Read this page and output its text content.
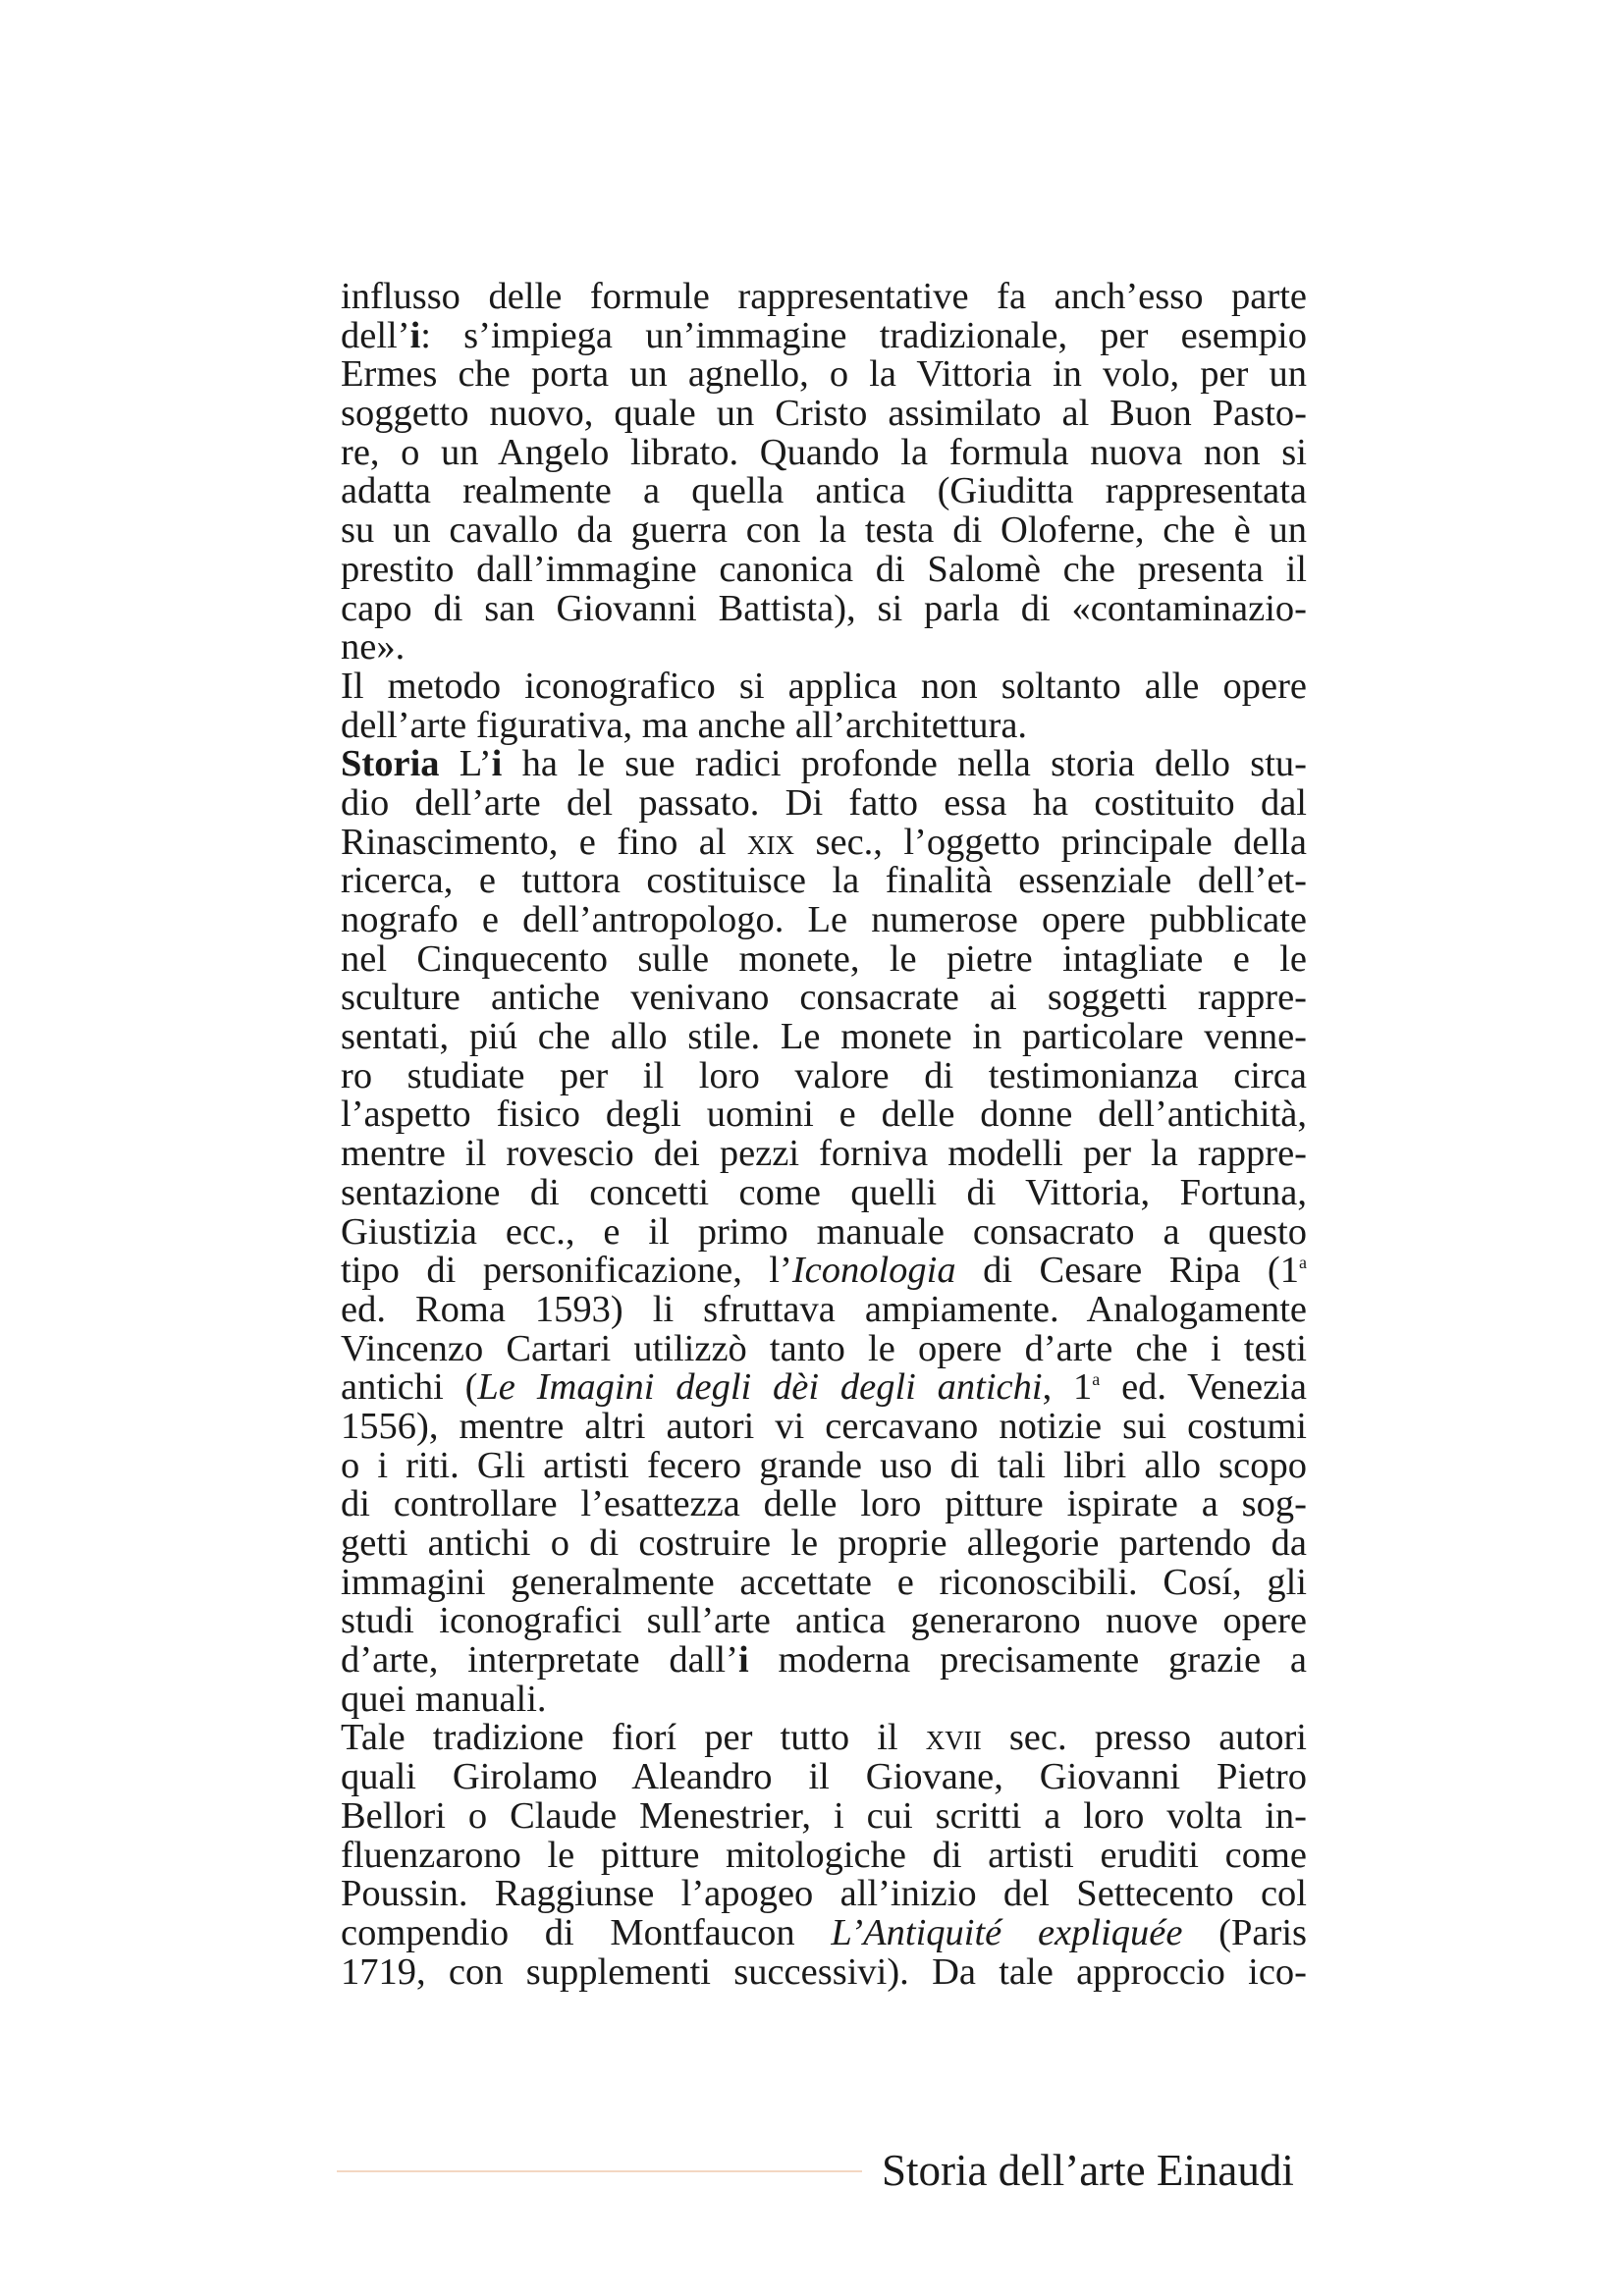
influsso delle formule rappresentative fa anch’esso parte
dell’i: s’impiega un’immagine tradizionale, per esempio
Ermes che porta un agnello, o la Vittoria in volo, per un
soggetto nuovo, quale un Cristo assimilato al Buon Pasto-
re, o un Angelo librato. Quando la formula nuova non si
adatta realmente a quella antica (Giuditta rappresentata
su un cavallo da guerra con la testa di Oloferne, che è un
prestito dall’immagine canonica di Salomè che presenta il
capo di san Giovanni Battista), si parla di «contaminazio-
ne».
Il metodo iconografico si applica non soltanto alle opere
dell’arte figurativa, ma anche all’architettura.
Storia L’i ha le sue radici profonde nella storia dello stu-
dio dell’arte del passato. Di fatto essa ha costituito dal
Rinascimento, e fino al xix sec., l’oggetto principale della
ricerca, e tuttora costituisce la finalità essenziale dell’et-
nografo e dell’antropologo. Le numerose opere pubblicate
nel Cinquecento sulle monete, le pietre intagliate e le
sculture antiche venivano consacrate ai soggetti rappre-
sentati, piú che allo stile. Le monete in particolare venne-
ro studiate per il loro valore di testimonianza circa
l’aspetto fisico degli uomini e delle donne dell’antichità,
mentre il rovescio dei pezzi forniva modelli per la rappre-
sentazione di concetti come quelli di Vittoria, Fortuna,
Giustizia ecc., e il primo manuale consacrato a questo
tipo di personificazione, l’Iconologia di Cesare Ripa (1$^a$
ed. Roma 1593) li sfruttava ampiamente. Analogamente
Vincenzo Cartari utilizzò tanto le opere d’arte che i testi
antichi (Le Imagini degli dèi degli antichi, 1$^a$ ed. Venezia
1556), mentre altri autori vi cercavano notizie sui costumi
o i riti. Gli artisti fecero grande uso di tali libri allo scopo
di controllare l’esattezza delle loro pitture ispirate a sog-
getti antichi o di costruire le proprie allegorie partendo da
immagini generalmente accettate e riconoscibili. Cosí, gli
studi iconografici sull’arte antica generarono nuove opere
d’arte, interpretate dall’i moderna precisamente grazie a
quei manuali.
Tale tradizione fiorí per tutto il xvii sec. presso autori
quali Girolamo Aleandro il Giovane, Giovanni Pietro
Bellori o Claude Menestrier, i cui scritti a loro volta in-
fluenzarono le pitture mitologiche di artisti eruditi come
Poussin. Raggiunse l’apogeo all’inizio del Settecento col
compendio di Montfaucon L’Antiquité expliquée (Paris
1719, con supplementi successivi). Da tale approccio ico-
Storia dell’arte Einaudi
